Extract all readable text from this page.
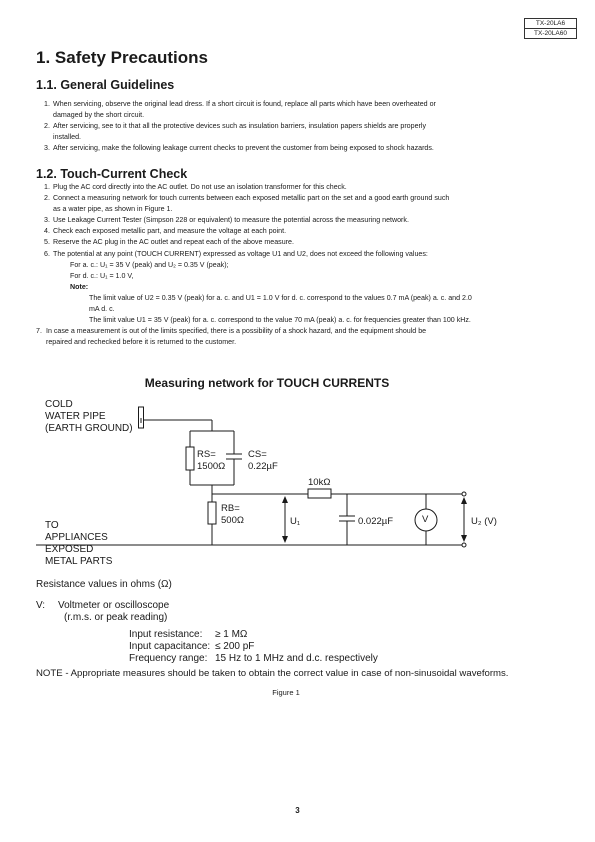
TX-20LA6
TX-20LA60
1. Safety Precautions
1.1. General Guidelines
1. When servicing, observe the original lead dress. If a short circuit is found, replace all parts which have been overheated or
damaged by the short circuit.
2. After servicing, see to it that all the protective devices such as insulation barriers, insulation papers shields are properly
installed.
3. After servicing, make the following leakage current checks to prevent the customer from being exposed to shock hazards.
1.2. Touch-Current Check
1. Plug the AC cord directly into the AC outlet. Do not use an isolation transformer for this check.
2. Connect a measuring network for touch currents between each exposed metallic part on the set and a good earth ground such
as a water pipe, as shown in Figure 1.
3. Use Leakage Current Tester (Simpson 228 or equivalent) to measure the potential across the measuring network.
4. Check each exposed metallic part, and measure the voltage at each point.
5. Reserve the AC plug in the AC outlet and repeat each of the above measure.
6. The potential at any point (TOUCH CURRENT) expressed as voltage U1 and U2, does not exceed the following values:
For a. c.: U₁ = 35 V (peak) and U₂ = 0.35 V (peak);
For d. c.: U₁ = 1.0 V,
Note:
The limit value of U2 = 0.35 V (peak) for a. c. and U1 = 1.0 V for d. c. correspond to the values 0.7 mA (peak) a. c. and 2.0
mA d. c.
The limit value U1 = 35 V (peak) for a. c. correspond to the value 70 mA (peak) a. c. for frequencies greater than 100 kHz.
7. In case a measurement is out of the limits specified, there is a possibility of a shock hazard, and the equipment should be
repaired and rechecked before it is returned to the customer.
Measuring network for TOUCH CURRENTS
COLD
WATER PIPE
(EARTH GROUND)
TO
APPLIANCES
EXPOSED
METAL PARTS
RS=
1500Ω
CS=
0.22µF
10kΩ
RB=
500Ω	U₁	0.022µF	V	U₂ (V)
Resistance values in ohms (Ω)
V: Voltmeter or oscilloscope
(r.m.s. or peak reading)
Input resistance: ≥ 1 MΩ
Input capacitance: ≤ 200 pF
Frequency range: 15 Hz to 1 MHz and d.c. respectively
NOTE - Appropriate measures should be taken to obtain the correct value in case of non-sinusoidal waveforms.
Figure 1
3
